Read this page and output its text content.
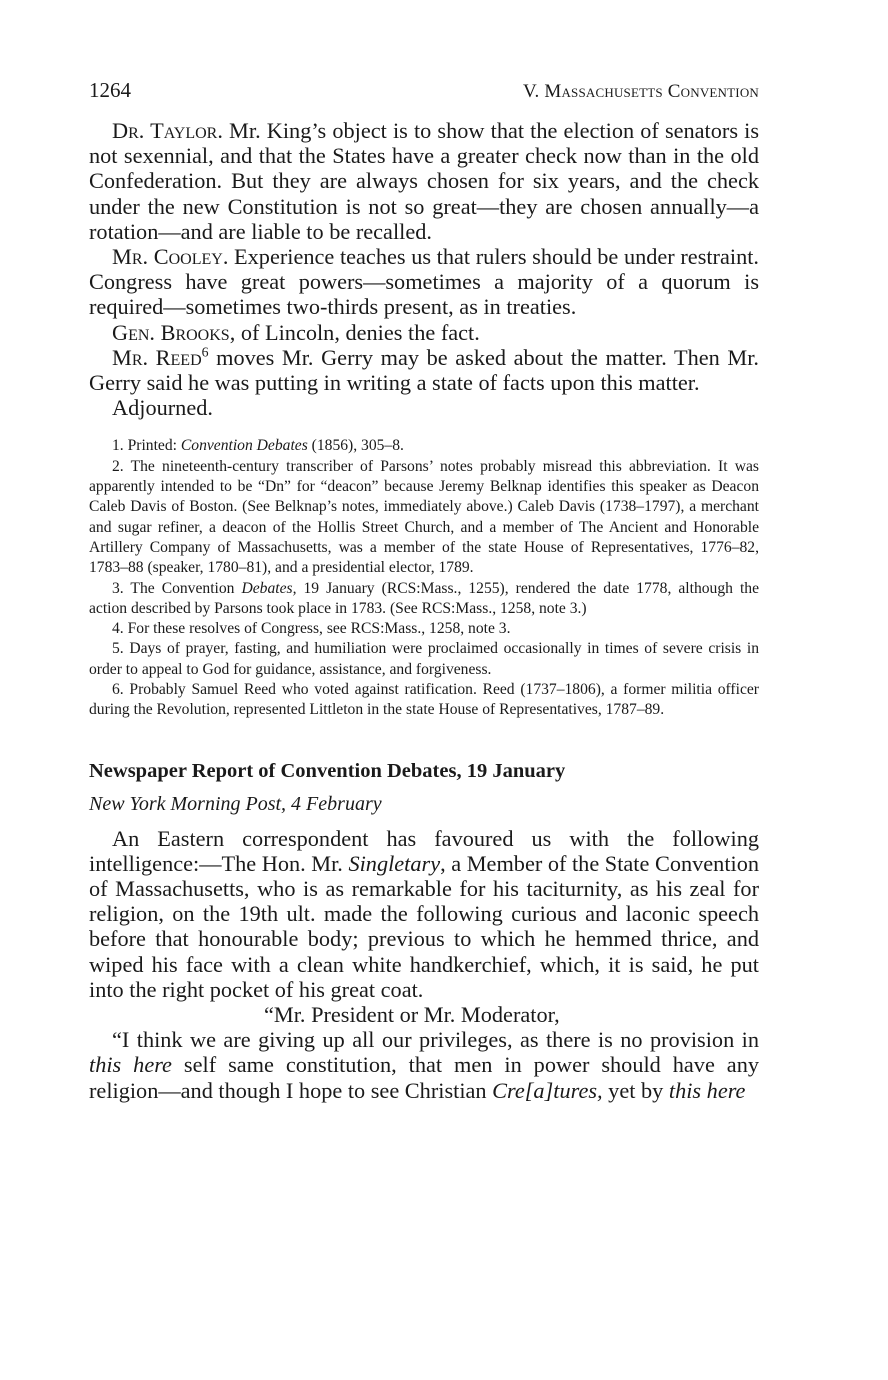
1264	V. Massachusetts Convention

Dr. Taylor. Mr. King’s object is to show that the election of senators is not sexennial, and that the States have a greater check now than in the old Confederation. But they are always chosen for six years, and the check under the new Constitution is not so great—they are chosen annually—a rotation—and are liable to be recalled.

Mr. Cooley. Experience teaches us that rulers should be under restraint. Congress have great powers—sometimes a majority of a quorum is required—sometimes two-thirds present, as in treaties.

Gen. Brooks, of Lincoln, denies the fact.

Mr. Reed$^6$ moves Mr. Gerry may be asked about the matter. Then Mr. Gerry said he was putting in writing a state of facts upon this matter.

Adjourned.

1. Printed: Convention Debates (1856), 305–8.

2. The nineteenth-century transcriber of Parsons’ notes probably misread this abbreviation. It was apparently intended to be “Dn” for “deacon” because Jeremy Belknap identifies this speaker as Deacon Caleb Davis of Boston. (See Belknap’s notes, immediately above.) Caleb Davis (1738–1797), a merchant and sugar refiner, a deacon of the Hollis Street Church, and a member of The Ancient and Honorable Artillery Company of Massachusetts, was a member of the state House of Representatives, 1776–82, 1783–88 (speaker, 1780–81), and a presidential elector, 1789.

3. The Convention Debates, 19 January (RCS:Mass., 1255), rendered the date 1778, although the action described by Parsons took place in 1783. (See RCS:Mass., 1258, note 3.)

4. For these resolves of Congress, see RCS:Mass., 1258, note 3.

5. Days of prayer, fasting, and humiliation were proclaimed occasionally in times of severe crisis in order to appeal to God for guidance, assistance, and forgiveness.

6. Probably Samuel Reed who voted against ratification. Reed (1737–1806), a former militia officer during the Revolution, represented Littleton in the state House of Representatives, 1787–89.

Newspaper Report of Convention Debates, 19 January

New York Morning Post, 4 February

An Eastern correspondent has favoured us with the following intelligence:—The Hon. Mr. Singletary, a Member of the State Convention of Massachusetts, who is as remarkable for his taciturnity, as his zeal for religion, on the 19th ult. made the following curious and laconic speech before that honourable body; previous to which he hemmed thrice, and wiped his face with a clean white handkerchief, which, it is said, he put into the right pocket of his great coat.

“Mr. President or Mr. Moderator,

“I think we are giving up all our privileges, as there is no provision in this here self same constitution, that men in power should have any religion—and though I hope to see Christian Cre[a]tures, yet by this here
